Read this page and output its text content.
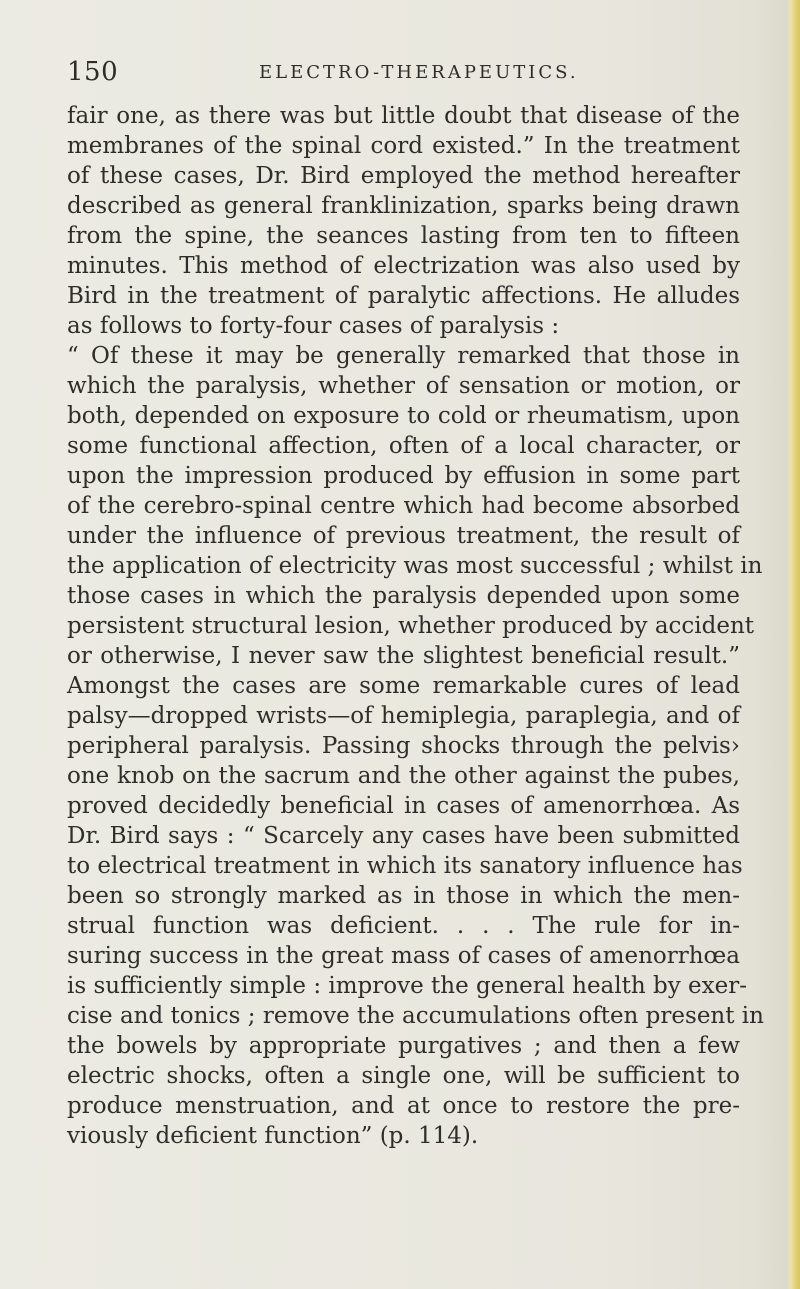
150	ELECTRO-THERAPEUTICS.
fair one, as there was but little doubt that disease of the
membranes of the spinal cord existed.” In the treatment
of these cases, Dr. Bird employed the method hereafter
described as general franklinization, sparks being drawn
from the spine, the seances lasting from ten to fifteen
minutes. This method of electrization was also used by
Bird in the treatment of paralytic affections. He alludes
as follows to forty-four cases of paralysis :
“ Of these it may be generally remarked that those in
which the paralysis, whether of sensation or motion, or
both, depended on exposure to cold or rheumatism, upon
some functional affection, often of a local character, or
upon the impression produced by effusion in some part
of the cerebro-spinal centre which had become absorbed
under the influence of previous treatment, the result of
the application of electricity was most successful ; whilst in
those cases in which the paralysis depended upon some
persistent structural lesion, whether produced by accident
or otherwise, I never saw the slightest beneficial result.”
Amongst the cases are some remarkable cures of lead
palsy—dropped wrists—of hemiplegia, paraplegia, and of
peripheral paralysis. Passing shocks through the pelvis›
one knob on the sacrum and the other against the pubes,
proved decidedly beneficial in cases of amenorrhœa. As
Dr. Bird says : “ Scarcely any cases have been submitted
to electrical treatment in which its sanatory influence has
been so strongly marked as in those in which the men-
strual function was deficient. . . . The rule for in-
suring success in the great mass of cases of amenorrhœa
is sufficiently simple : improve the general health by exer-
cise and tonics ; remove the accumulations often present in
the bowels by appropriate purgatives ; and then a few
electric shocks, often a single one, will be sufficient to
produce menstruation, and at once to restore the pre-
viously deficient function” (p. 114).
